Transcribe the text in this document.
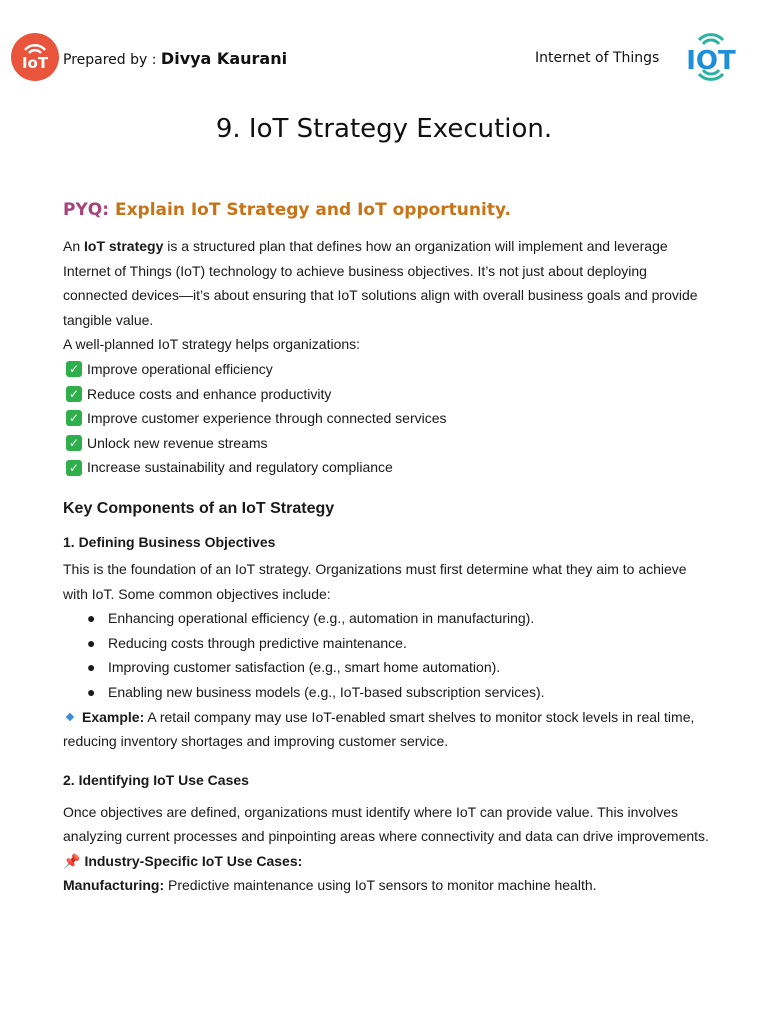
IoT Prepared by : Divya Kaurani	Internet of Things IOT
9. IoT Strategy Execution.
PYQ: Explain IoT Strategy and IoT opportunity.

An IoT strategy is a structured plan that defines how an organization will implement and leverage Internet of Things (IoT) technology to achieve business objectives. It’s not just about deploying connected devices—it’s about ensuring that IoT solutions align with overall business goals and provide tangible value.

A well-planned IoT strategy helps organizations:

✓ Improve operational efficiency
✓ Reduce costs and enhance productivity
✓ Improve customer experience through connected services
✓ Unlock new revenue streams
✓ Increase sustainability and regulatory compliance
Key Components of an IoT Strategy
1. Defining Business Objectives

This is the foundation of an IoT strategy. Organizations must first determine what they aim to achieve with IoT. Some common objectives include:

● Enhancing operational efficiency (e.g., automation in manufacturing).
● Reducing costs through predictive maintenance.
● Improving customer satisfaction (e.g., smart home automation).
● Enabling new business models (e.g., IoT-based subscription services).

Example: A retail company may use IoT-enabled smart shelves to monitor stock levels in real time, reducing inventory shortages and improving customer service.

2. Identifying IoT Use Cases

Once objectives are defined, organizations must identify where IoT can provide value. This involves analyzing current processes and pinpointing areas where connectivity and data can drive improvements.

📌 Industry-Specific IoT Use Cases:

Manufacturing: Predictive maintenance using IoT sensors to monitor machine health.
